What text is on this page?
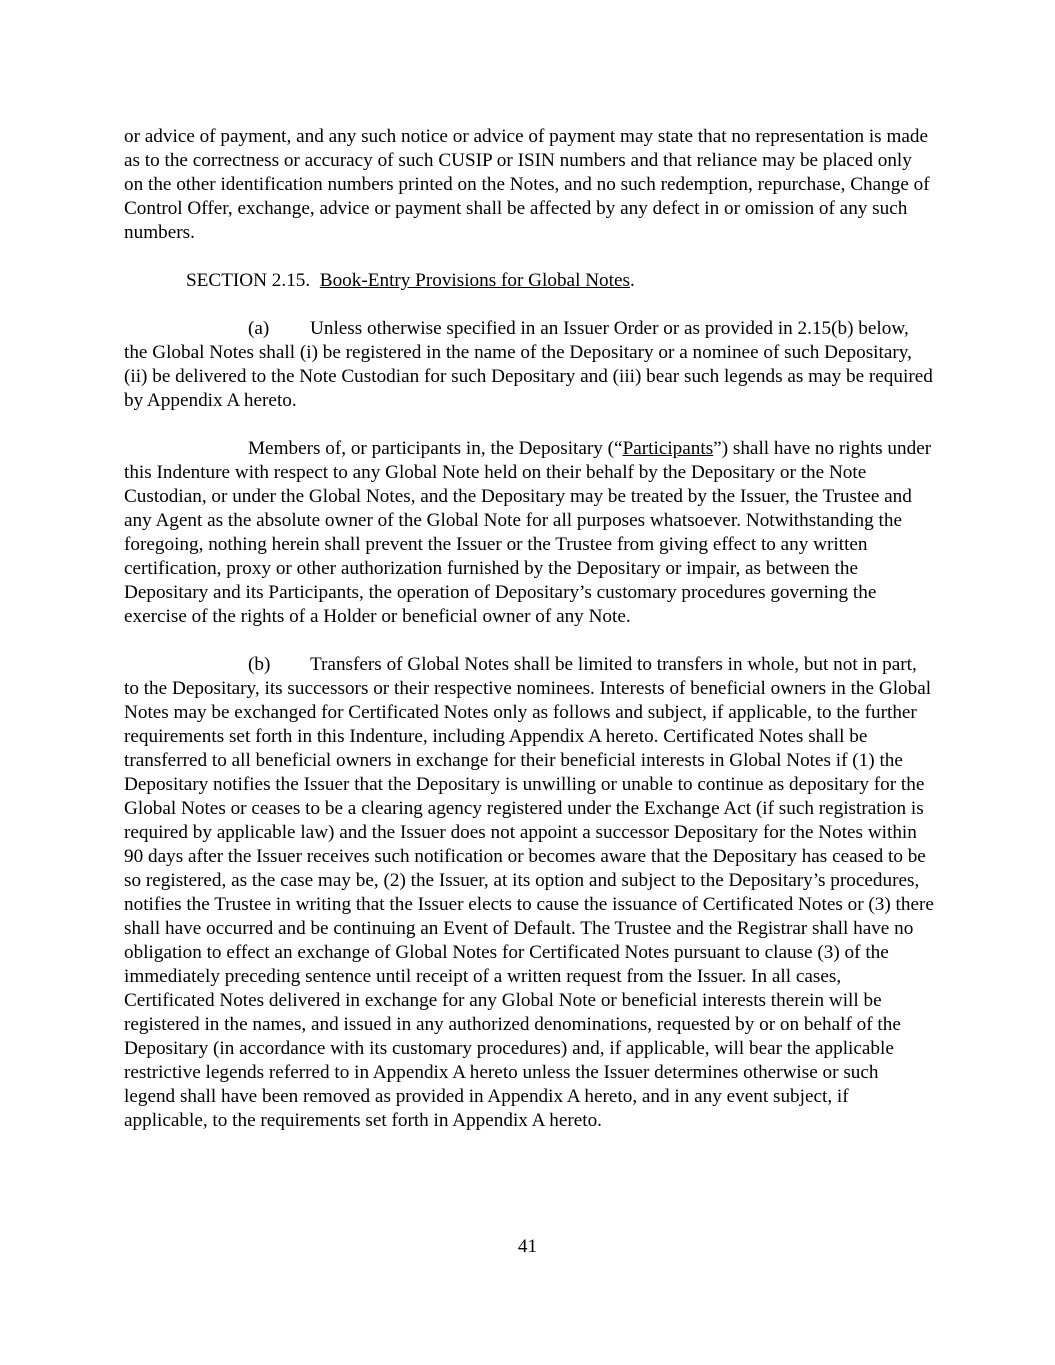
or advice of payment, and any such notice or advice of payment may state that no representation is made as to the correctness or accuracy of such CUSIP or ISIN numbers and that reliance may be placed only on the other identification numbers printed on the Notes, and no such redemption, repurchase, Change of Control Offer, exchange, advice or payment shall be affected by any defect in or omission of any such numbers.

SECTION 2.15. Book-Entry Provisions for Global Notes.

(a) Unless otherwise specified in an Issuer Order or as provided in 2.15(b) below, the Global Notes shall (i) be registered in the name of the Depositary or a nominee of such Depositary, (ii) be delivered to the Note Custodian for such Depositary and (iii) bear such legends as may be required by Appendix A hereto.

Members of, or participants in, the Depositary (“Participants”) shall have no rights under this Indenture with respect to any Global Note held on their behalf by the Depositary or the Note Custodian, or under the Global Notes, and the Depositary may be treated by the Issuer, the Trustee and any Agent as the absolute owner of the Global Note for all purposes whatsoever. Notwithstanding the foregoing, nothing herein shall prevent the Issuer or the Trustee from giving effect to any written certification, proxy or other authorization furnished by the Depositary or impair, as between the Depositary and its Participants, the operation of Depositary’s customary procedures governing the exercise of the rights of a Holder or beneficial owner of any Note.

(b) Transfers of Global Notes shall be limited to transfers in whole, but not in part, to the Depositary, its successors or their respective nominees. Interests of beneficial owners in the Global Notes may be exchanged for Certificated Notes only as follows and subject, if applicable, to the further requirements set forth in this Indenture, including Appendix A hereto. Certificated Notes shall be transferred to all beneficial owners in exchange for their beneficial interests in Global Notes if (1) the Depositary notifies the Issuer that the Depositary is unwilling or unable to continue as depositary for the Global Notes or ceases to be a clearing agency registered under the Exchange Act (if such registration is required by applicable law) and the Issuer does not appoint a successor Depositary for the Notes within 90 days after the Issuer receives such notification or becomes aware that the Depositary has ceased to be so registered, as the case may be, (2) the Issuer, at its option and subject to the Depositary’s procedures, notifies the Trustee in writing that the Issuer elects to cause the issuance of Certificated Notes or (3) there shall have occurred and be continuing an Event of Default. The Trustee and the Registrar shall have no obligation to effect an exchange of Global Notes for Certificated Notes pursuant to clause (3) of the immediately preceding sentence until receipt of a written request from the Issuer. In all cases, Certificated Notes delivered in exchange for any Global Note or beneficial interests therein will be registered in the names, and issued in any authorized denominations, requested by or on behalf of the Depositary (in accordance with its customary procedures) and, if applicable, will bear the applicable restrictive legends referred to in Appendix A hereto unless the Issuer determines otherwise or such legend shall have been removed as provided in Appendix A hereto, and in any event subject, if applicable, to the requirements set forth in Appendix A hereto.

41
